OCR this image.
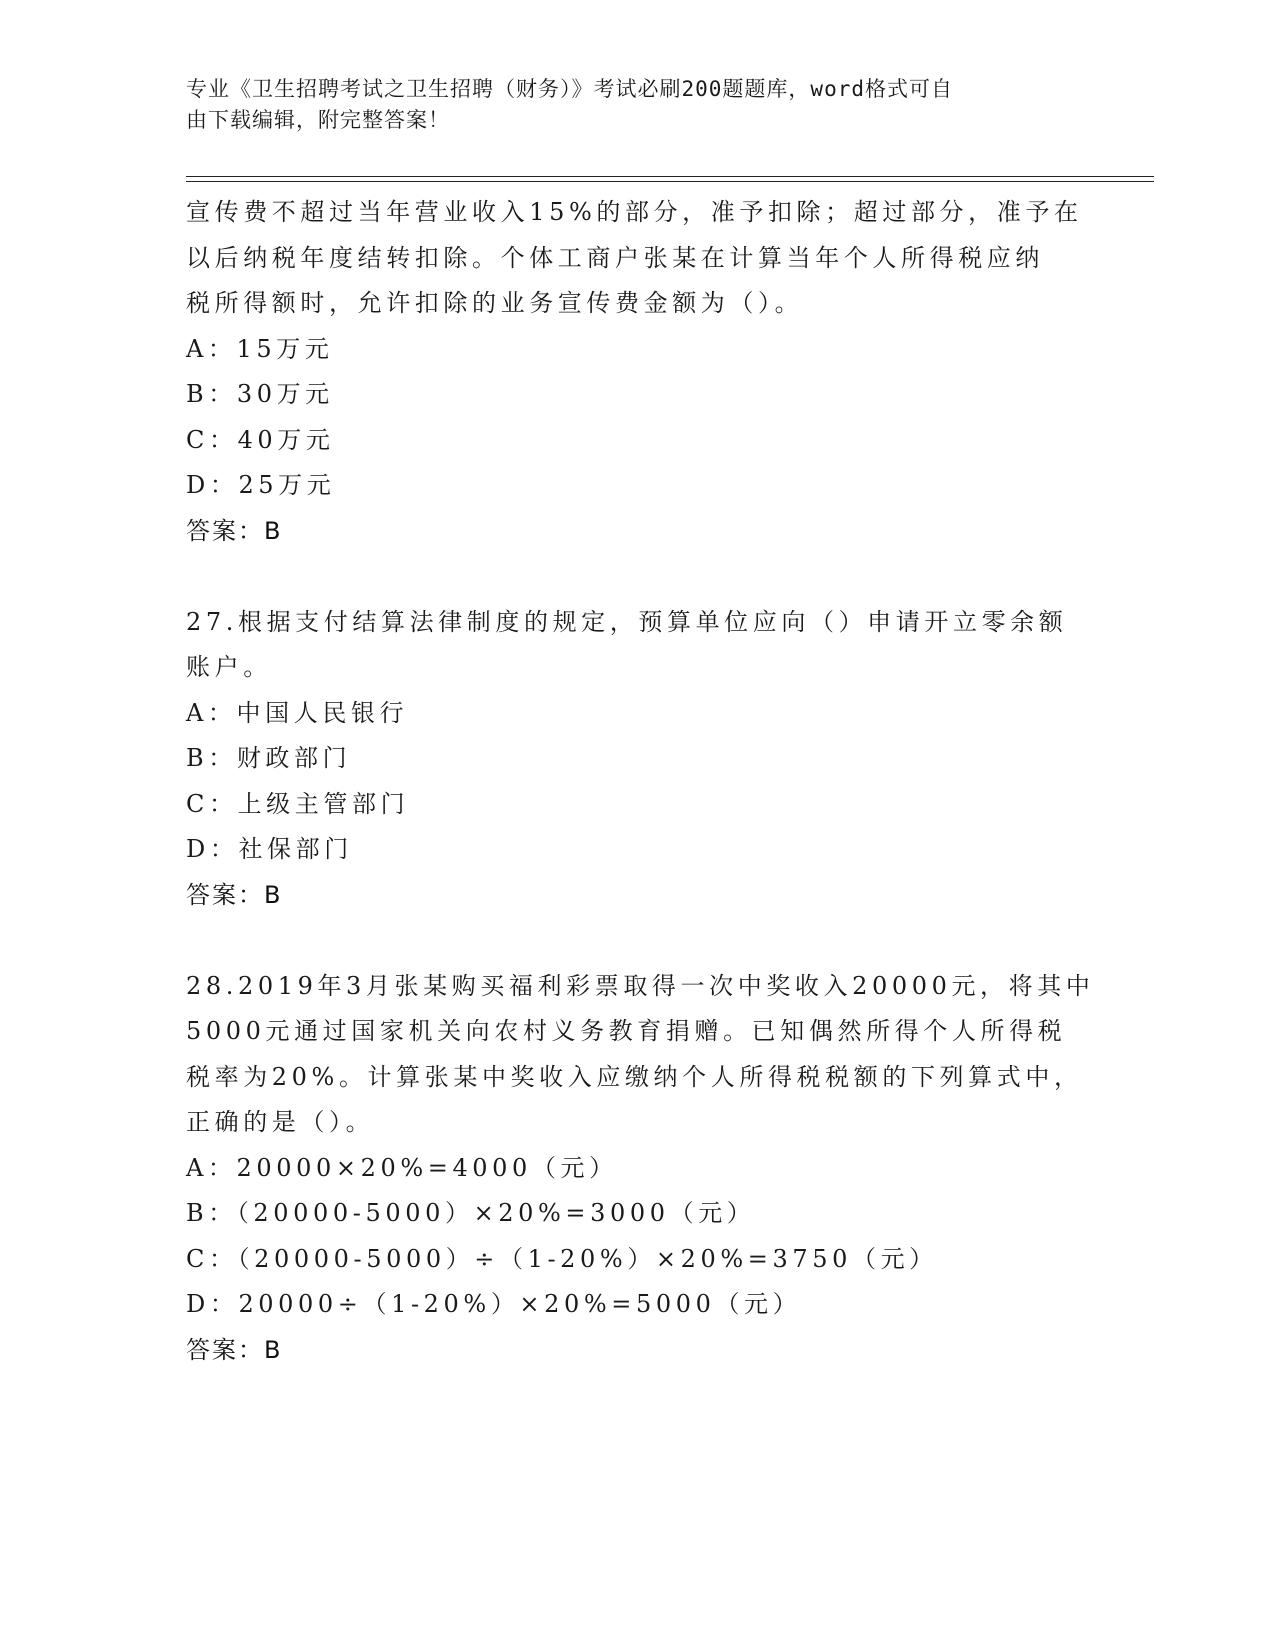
专业《卫生招聘考试之卫生招聘（财务）》考试必刷200题题库，word格式可自
由下载编辑，附完整答案！
宣传费不超过当年营业收入15%的部分，准予扣除；超过部分，准予在
以后纳税年度结转扣除。个体工商户张某在计算当年个人所得税应纳
税所得额时，允许扣除的业务宣传费金额为（）。
A：15万元
B：30万元
C：40万元
D：25万元
答案：B
27.根据支付结算法律制度的规定，预算单位应向（）申请开立零余额
账户。
A：中国人民银行
B：财政部门
C：上级主管部门
D：社保部门
答案：B
28.2019年3月张某购买福利彩票取得一次中奖收入20000元，将其中
5000元通过国家机关向农村义务教育捐赠。已知偶然所得个人所得税
税率为20%。计算张某中奖收入应缴纳个人所得税税额的下列算式中，
正确的是（）。
A：20000×20%=4000（元）
B：（20000-5000）×20%=3000（元）
C：（20000-5000）÷（1-20%）×20%=3750（元）
D：20000÷（1-20%）×20%=5000（元）
答案：B
